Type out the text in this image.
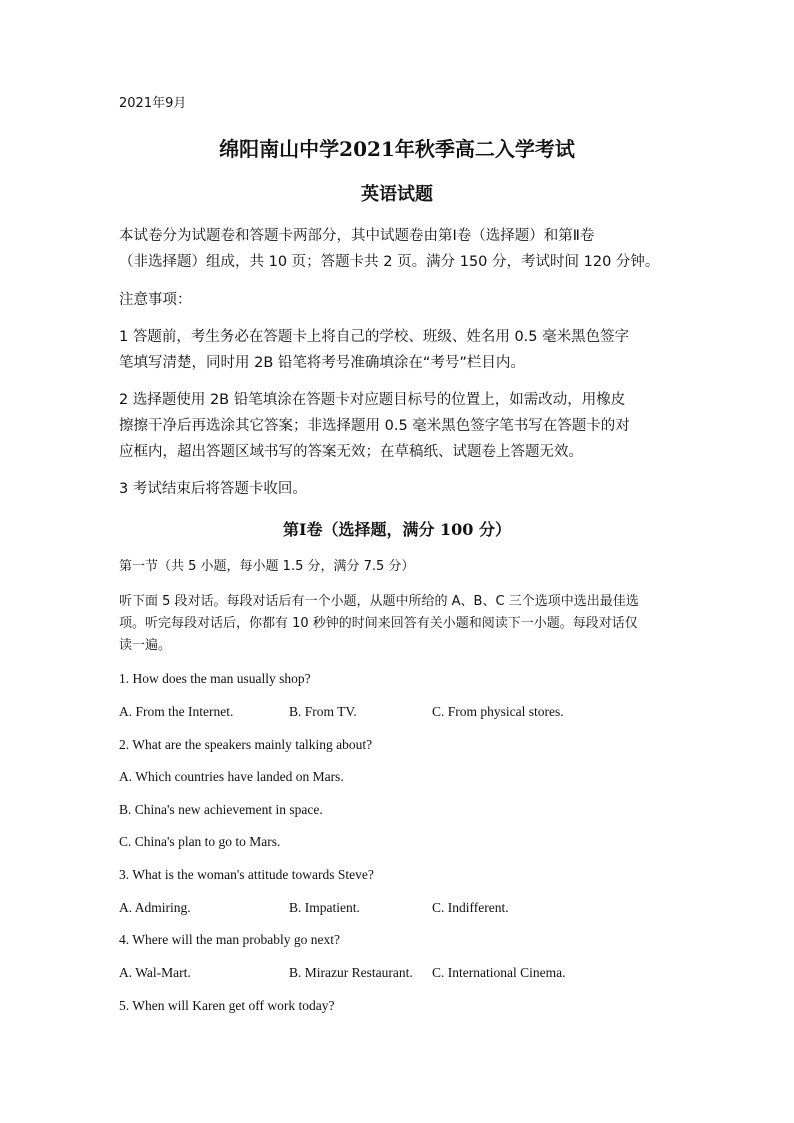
2021年9月
绵阳南山中学2021年秋季高二入学考试
英语试题
本试卷分为试题卷和答题卡两部分，其中试题卷由第Ⅰ卷（选择题）和第Ⅱ卷
（非选择题）组成，共 10 页；答题卡共 2 页。满分 150 分，考试时间 120 分钟。
注意事项：
1 答题前，考生务必在答题卡上将自己的学校、班级、姓名用 0.5 毫米黑色签字
笔填写清楚，同时用 2B 铅笔将考号准确填涂在“考号”栏目内。
2 选择题使用 2B 铅笔填涂在答题卡对应题目标号的位置上，如需改动，用橡皮
擦擦干净后再选涂其它答案；非选择题用 0.5 毫米黑色签字笔书写在答题卡的对
应框内，超出答题区域书写的答案无效；在草稿纸、试题卷上答题无效。
3 考试结束后将答题卡收回。
第Ⅰ卷（选择题，满分 100 分）
第一节（共 5 小题，每小题 1.5 分，满分 7.5 分）
听下面 5 段对话。每段对话后有一个小题，从题中所给的 A、B、C 三个选项中选出最佳选
项。听完每段对话后，你都有 10 秒钟的时间来回答有关小题和阅读下一小题。每段对话仅
读一遍。
1. How does the man usually shop?
A. From the Internet.	B. From TV.	C. From physical stores.
2. What are the speakers mainly talking about?
A. Which countries have landed on Mars.
B. China's new achievement in space.
C. China's plan to go to Mars.
3. What is the woman's attitude towards Steve?
A. Admiring.	B. Impatient.	C. Indifferent.
4. Where will the man probably go next?
A. Wal-Mart.	B. Mirazur Restaurant. C. International Cinema.
5. When will Karen get off work today?
